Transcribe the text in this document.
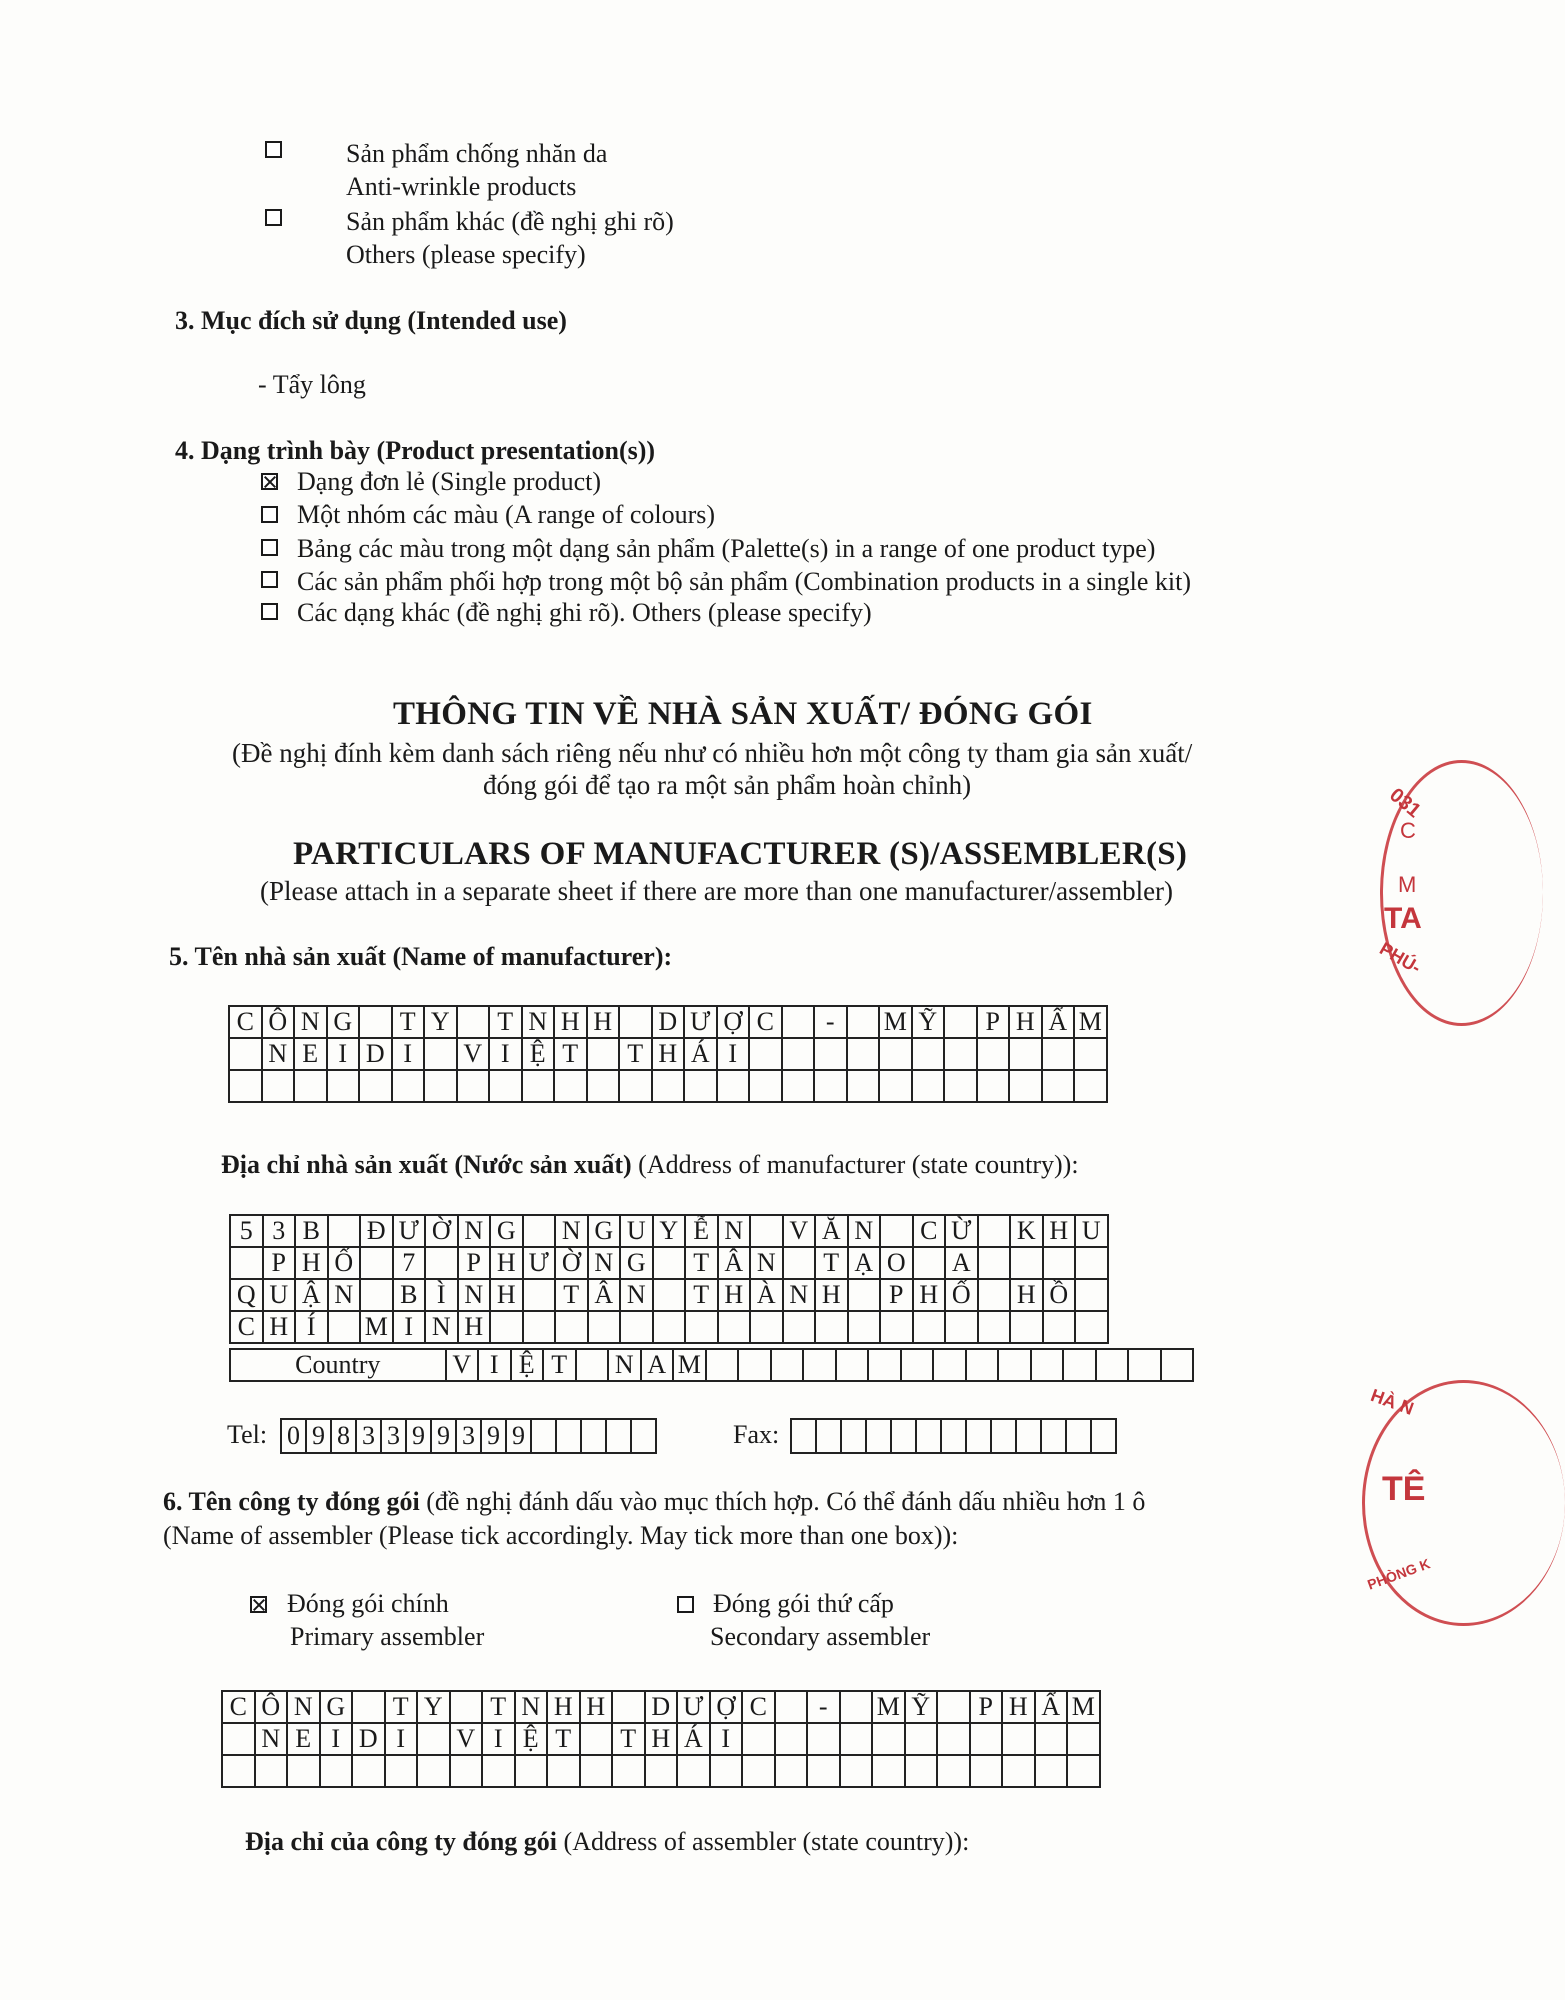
Sản phẩm chống nhăn da
Anti-wrinkle products
Sản phẩm khác (đề nghị ghi rõ)
Others (please specify)
3. Mục đích sử dụng (Intended use)
- Tẩy lông
4. Dạng trình bày (Product presentation(s))
Dạng đơn lẻ (Single product)
Một nhóm các màu (A range of colours)
Bảng các màu trong một dạng sản phẩm (Palette(s) in a range of one product type)
Các sản phẩm phối hợp trong một bộ sản phẩm (Combination products in a single kit)
Các dạng khác (đề nghị ghi rõ). Others (please specify)
THÔNG TIN VỀ NHÀ SẢN XUẤT/ ĐÓNG GÓI
(Đề nghị đính kèm danh sách riêng nếu như có nhiều hơn một công ty tham gia sản xuất/
đóng gói để tạo ra một sản phẩm hoàn chỉnh)
PARTICULARS OF MANUFACTURER (S)/ASSEMBLER(S)
(Please attach in a separate sheet if there are more than one manufacturer/assembler)
5. Tên nhà sản xuất (Name of manufacturer):
C	Ô	N	G		T	Y		T	N	H	H		D	Ư	Ợ	C		-		M	Ỹ		P	H	Ẩ	M
	N	E	I	D	I		V	I	Ệ	T		T	H	Á	I											

Địa chỉ nhà sản xuất (Nước sản xuất) (Address of manufacturer (state country)):
5	3	B		Đ	Ư	Ờ	N	G		N	G	U	Y	Ễ	N		V	Ă	N		C	Ừ		K	H	U
	P	H	Ố		7		P	H	Ư	Ờ	N	G		T	Â	N		T	Ạ	O		A				
Q	U	Ậ	N		B	Ì	N	H		T	Â	N		T	H	À	N	H		P	H	Ố		H	Ồ	
C	H	Í		M	I	N	H																			
Country	V	I	Ệ	T		N	A	M															
Tel: 0 9 8 3 3 9 9 3 9 9	Fax:
6. Tên công ty đóng gói (đề nghị đánh dấu vào mục thích hợp. Có thể đánh dấu nhiều hơn 1 ô
(Name of assembler (Please tick accordingly. May tick more than one box)):
Đóng gói chính
Primary assembler
Đóng gói thứ cấp
Secondary assembler
C	Ô	N	G		T	Y		T	N	H	H		D	Ư	Ợ	C		-		M	Ỹ		P	H	Ẩ	M
	N	E	I	D	I		V	I	Ệ	T		T	H	Á	I											

Địa chỉ của công ty đóng gói (Address of assembler (state country)):
031
C
M
TA
PHÚ-
HÀ N
TÊ
PHÒNG K
